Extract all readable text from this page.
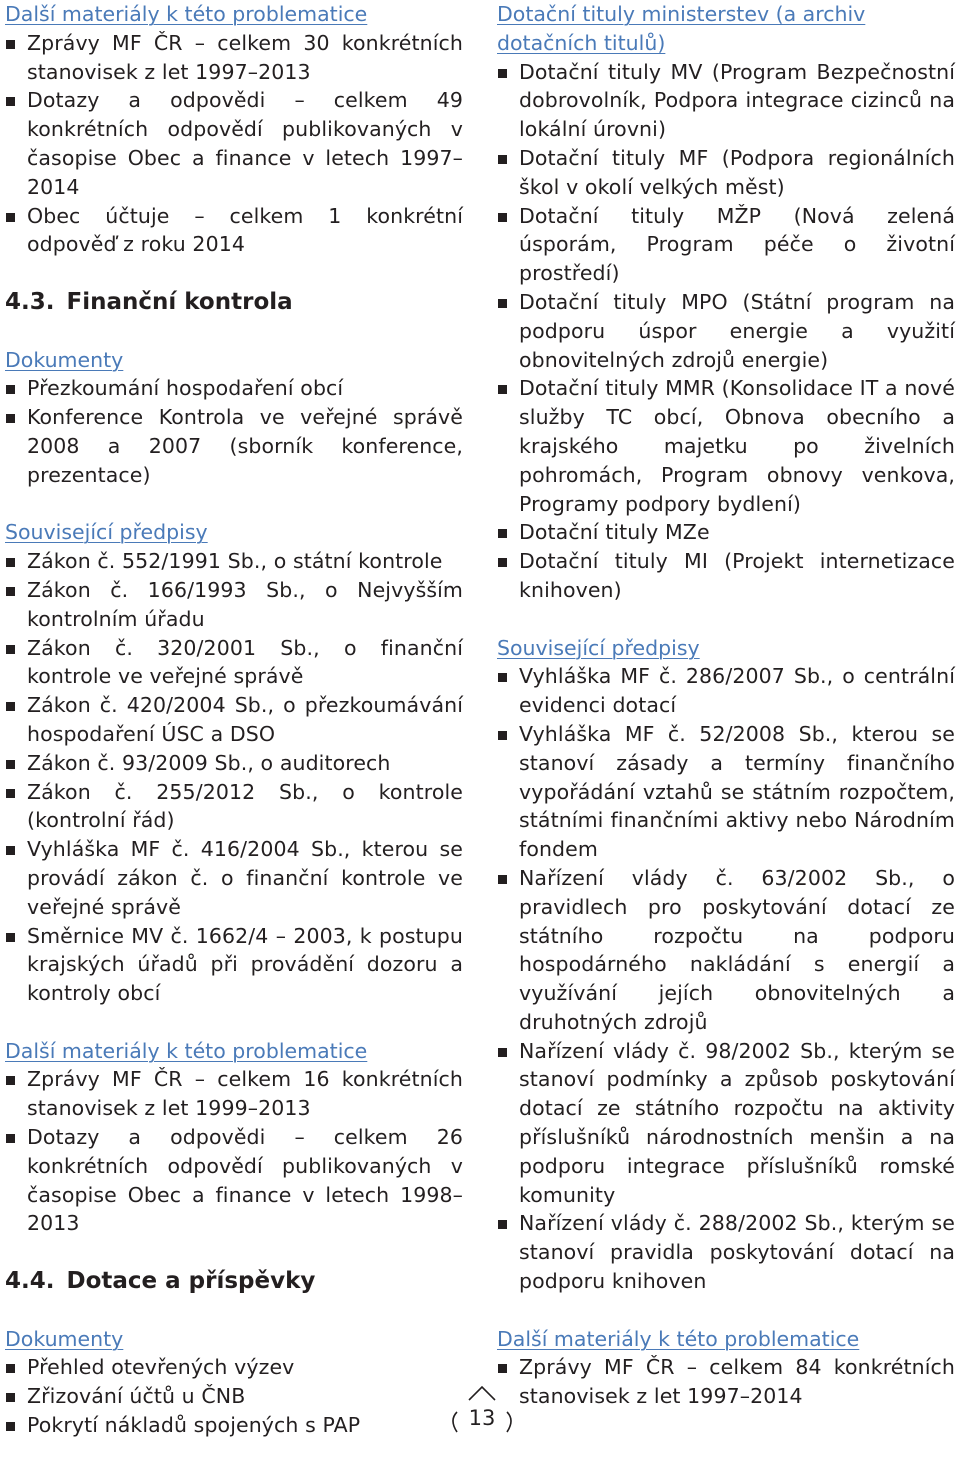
Další materiály k této problematice
Zprávy MF ČR – celkem 30 konkrétních stanovisek z let 1997–2013
Dotazy a odpovědi – celkem 49 konkrétních odpovědí publikovaných v časopise Obec a finance v letech 1997–2014
Obec účtuje – celkem 1 konkrétní odpověď z roku 2014
4.3. Finanční kontrola
Dokumenty
Přezkoumání hospodaření obcí
Konference Kontrola ve veřejné správě 2008 a 2007 (sborník konference, prezentace)
Související předpisy
Zákon č. 552/1991 Sb., o státní kontrole
Zákon č. 166/1993 Sb., o Nejvyšším kontrolním úřadu
Zákon č. 320/2001 Sb., o finanční kontrole ve veřejné správě
Zákon č. 420/2004 Sb., o přezkoumávání hospodaření ÚSC a DSO
Zákon č. 93/2009 Sb., o auditorech
Zákon č. 255/2012 Sb., o kontrole (kontrolní řád)
Vyhláška MF č. 416/2004 Sb., kterou se provádí zákon č. o finanční kontrole ve veřejné správě
Směrnice MV č. 1662/4 – 2003, k postupu krajských úřadů při provádění dozoru a kontroly obcí
Další materiály k této problematice
Zprávy MF ČR – celkem 16 konkrétních stanovisek z let 1999–2013
Dotazy a odpovědi – celkem 26 konkrétních odpovědí publikovaných v časopise Obec a finance v letech 1998–2013
4.4. Dotace a příspěvky
Dokumenty
Přehled otevřených výzev
Zřizování účtů u ČNB
Pokrytí nákladů spojených s PAP
Dotační tituly ministerstev (a archiv dotačních titulů)
Dotační tituly MV (Program Bezpečnostní dobrovolník, Podpora integrace cizinců na lokální úrovni)
Dotační tituly MF (Podpora regionálních škol v okolí velkých měst)
Dotační tituly MŽP (Nová zelená úsporám, Program péče o životní prostředí)
Dotační tituly MPO (Státní program na podporu úspor energie a využití obnovitelných zdrojů energie)
Dotační tituly MMR (Konsolidace IT a nové služby TC obcí, Obnova obecního a krajského majetku po živelních pohromách, Program obnovy venkova, Programy podpory bydlení)
Dotační tituly MZe
Dotační tituly MI (Projekt internetizace knihoven)
Související předpisy
Vyhláška MF č. 286/2007 Sb., o centrální evidenci dotací
Vyhláška MF č. 52/2008 Sb., kterou se stanoví zásady a termíny finančního vypořádání vztahů se státním rozpočtem, státními finančními aktivy nebo Národním fondem
Nařízení vlády č. 63/2002 Sb., o pravidlech pro poskytování dotací ze státního rozpočtu na podporu hospodárného nakládání s energií a využívání jejích obnovitelných a druhotných zdrojů
Nařízení vlády č. 98/2002 Sb., kterým se stanoví podmínky a způsob poskytování dotací ze státního rozpočtu na aktivity příslušníků národnostních menšin a na podporu integrace příslušníků romské komunity
Nařízení vlády č. 288/2002 Sb., kterým se stanoví pravidla poskytování dotací na podporu knihoven
Další materiály k této problematice
Zprávy MF ČR – celkem 84 konkrétních stanovisek z let 1997–2014
13
